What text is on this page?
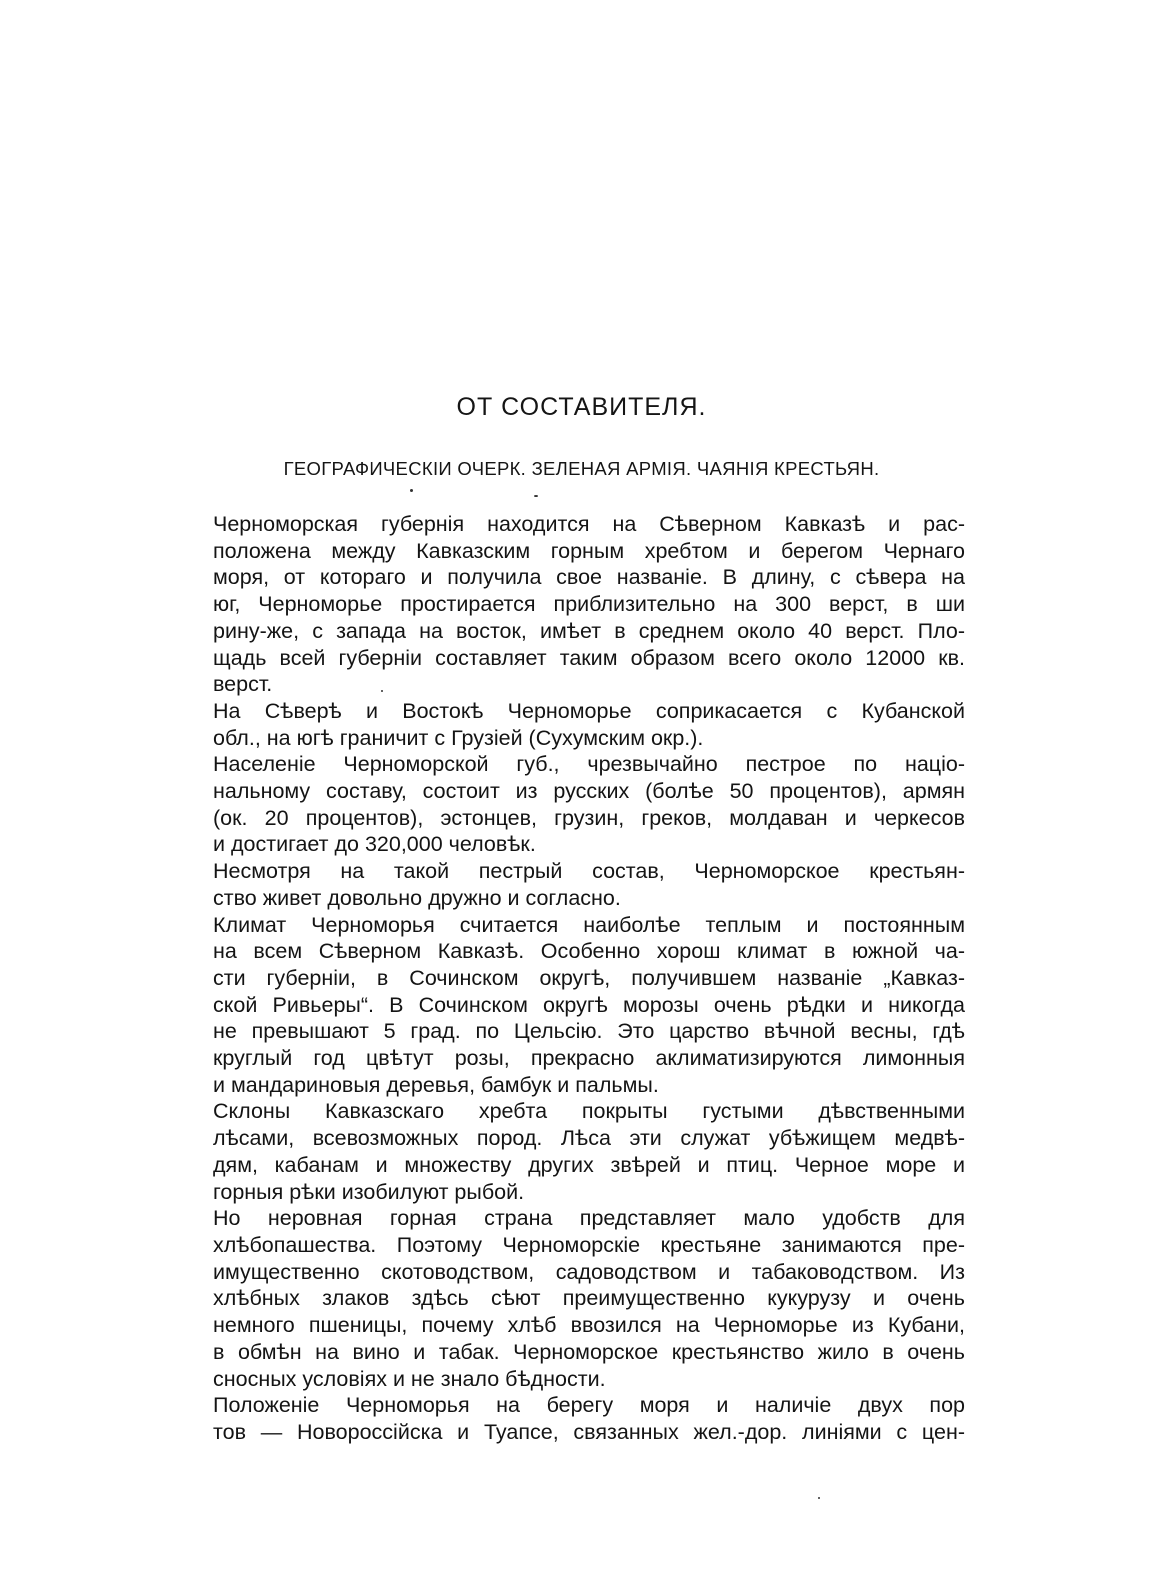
ОТ СОСТАВИТЕЛЯ.
ГЕОГРАФИЧЕСКIИ ОЧЕРК. ЗЕЛЕНАЯ АРМIЯ. ЧАЯНIЯ КРЕСТЬЯН.
Черноморская губернiя находится на Сѣверном Кавказѣ и рас-
положена между Кавказским горным хребтом и берегом Чернаго
моря, от котораго и получила свое названiе. В длину, с сѣвера на
юг, Черноморье простирается приблизительно на 300 верст, в ши
рину-же, с запада на восток, имѣет в среднем около 40 верст. Пло-
щадь всей губернiи составляет таким образом всего около 12000 кв.
верст.
На Сѣверѣ и Востокѣ Черноморье соприкасается с Кубанской
обл., на югѣ граничит с Грузiей (Сухумским окр.).
Населенiе Черноморской губ., чрезвычайно пестрое по нацiо-
нальному составу, состоит из русских (болѣе 50 процентов), армян
(ок. 20 процентов), эстонцев, грузин, греков, молдаван и черкесов
и достигает до 320,000 человѣк.
Несмотря на такой пестрый состав, Черноморское крестьян-
ство живет довольно дружно и согласно.
Климат Черноморья считается наиболѣе теплым и постоянным
на всем Сѣверном Кавказѣ. Особенно хорош климат в южной ча-
сти губернiи, в Сочинском округѣ, получившем названiе „Кавказ-
ской Ривьеры“. В Сочинском округѣ морозы очень рѣдки и никогда
не превышают 5 град. по Цельсiю. Это царство вѣчной весны, гдѣ
круглый год цвѣтут розы, прекрасно аклиматизируются лимонныя
и мандариновыя деревья, бамбук и пальмы.
Склоны Кавказскаго хребта покрыты густыми дѣвственными
лѣсами, всевозможных пород. Лѣса эти служат убѣжищем медвѣ-
дям, кабанам и множеству других звѣрей и птиц. Черное море и
горныя рѣки изобилуют рыбой.
Но неровная горная страна представляет мало удобств для
хлѣбопашества. Поэтому Черноморскiе крестьяне занимаются пре-
имущественно скотоводством, садоводством и табаководством. Из
хлѣбных злаков здѣсь сѣют преимущественно кукурузу и очень
немного пшеницы, почему хлѣб ввозился на Черноморье из Кубани,
в обмѣн на вино и табак. Черноморское крестьянство жило в очень
сносных условiях и не знало бѣдности.
Положенiе Черноморья на берегу моря и наличiе двух пор
тов — Новороссiйска и Туапсе, связанных жел.-дор. линiями с цен-
